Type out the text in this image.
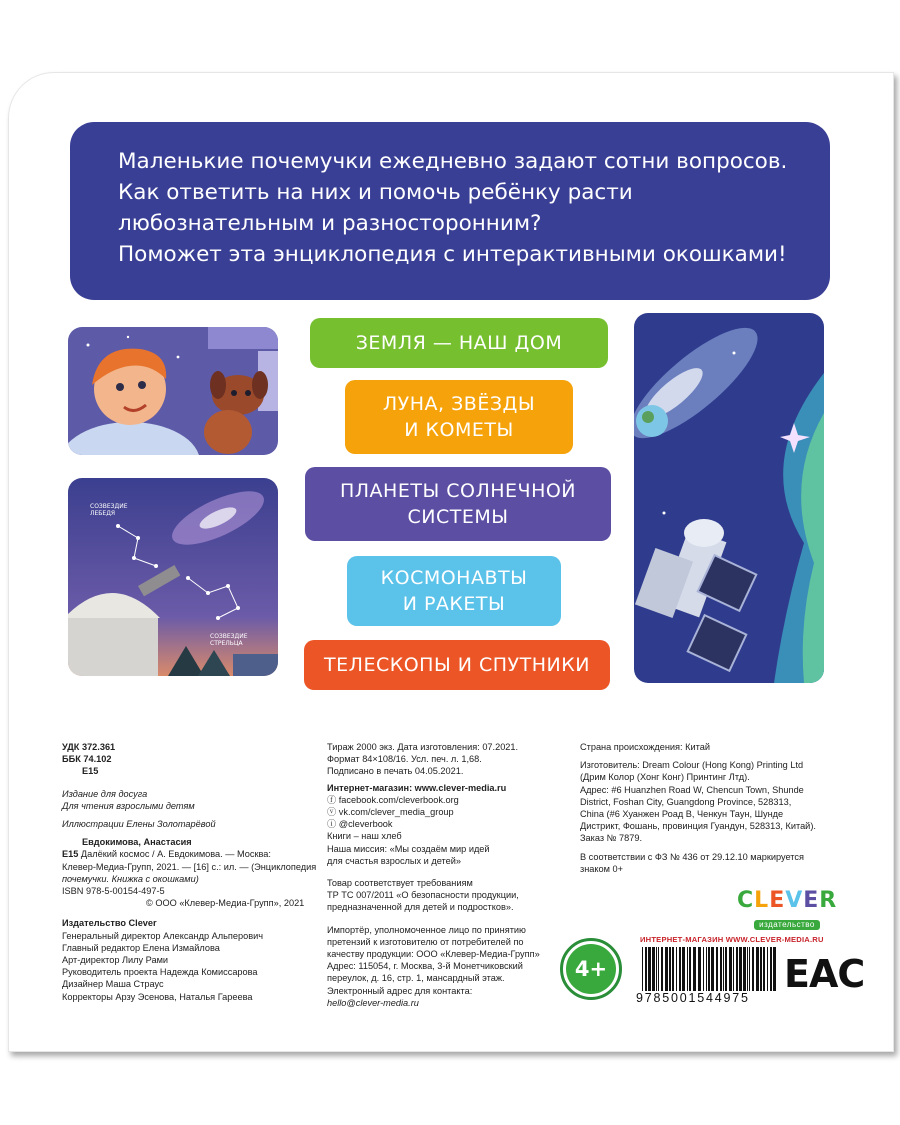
Маленькие почемучки ежедневно задают сотни вопросов.

Как ответить на них и помочь ребёнку расти

любознательным и разносторонним?

Поможет эта энциклопедия с интерактивными окошками!

СОЗВЕЗДИЕ ЛЕБЕДЯ
СОЗВЕЗДИЕ СТРЕЛЬЦА
ЗЕМЛЯ — НАШ ДОМ
ЛУНА, ЗВЁЗДЫ
И КОМЕТЫ
ПЛАНЕТЫ СОЛНЕЧНОЙ
СИСТЕМЫ
КОСМОНАВТЫ
И РАКЕТЫ
ТЕЛЕСКОПЫ И СПУТНИКИ
УДК 372.361
ББК 74.102
Е15
Издание для досуга
Для чтения взрослыми детям
Иллюстрации Елены Золотарёвой
Евдокимова, Анастасия
Е15 Далёкий космос / А. Евдокимова. — Москва:
Клевер-Медиа-Групп, 2021. — [16] с.: ил. — (Энциклопедия
почемучки. Книжка с окошками)
ISBN 978-5-00154-497-5
© ООО «Клевер-Медиа-Групп», 2021
Издательство Clever
Генеральный директор Александр Альперович
Главный редактор Елена Измайлова
Арт-директор Лилу Рами
Руководитель проекта Надежда Комиссарова
Дизайнер Маша Страус
Корректоры Арзу Эсенова, Наталья Гареева
Тираж 2000 экз. Дата изготовления: 07.2021.
Формат 84×108/16. Усл. печ. л. 1,68.
Подписано в печать 04.05.2021.
Интернет-магазин: www.clever-media.ru
ⓕ facebook.com/cleverbook.org
ⓥ vk.com/clever_media_group
ⓘ @cleverbook
Книги – наш хлеб
Наша миссия: «Мы создаём мир идей
для счастья взрослых и детей»
Товар соответствует требованиям
ТР ТС 007/2011 «О безопасности продукции,
предназначенной для детей и подростков».
Импортёр, уполномоченное лицо по принятию
претензий к изготовителю от потребителей по
качеству продукции: ООО «Клевер-Медиа-Групп»
Адрес: 115054, г. Москва, 3-й Монетчиковский
переулок, д. 16, стр. 1, мансардный этаж.
Электронный адрес для контакта:
hello@clever-media.ru
Страна происхождения: Китай
Изготовитель: Dream Colour (Hong Kong) Printing Ltd
(Дрим Колор (Хонг Конг) Принтинг Лтд).
Адрес: #6 Huanzhen Road W, Chencun Town, Shunde
District, Foshan City, Guangdong Province, 528313,
China (#6 Хуанжен Роад В, Ченкун Таун, Шунде
Дистрикт, Фошань, провинция Гуандун, 528313, Китай).
Заказ № 7879.
В соответствии с ФЗ № 436 от 29.12.10 маркируется
знаком 0+
4+
CLEVER
издательство
ИНТЕРНЕТ-МАГАЗИН WWW.CLEVER-MEDIA.RU
9785001544975
EAC
